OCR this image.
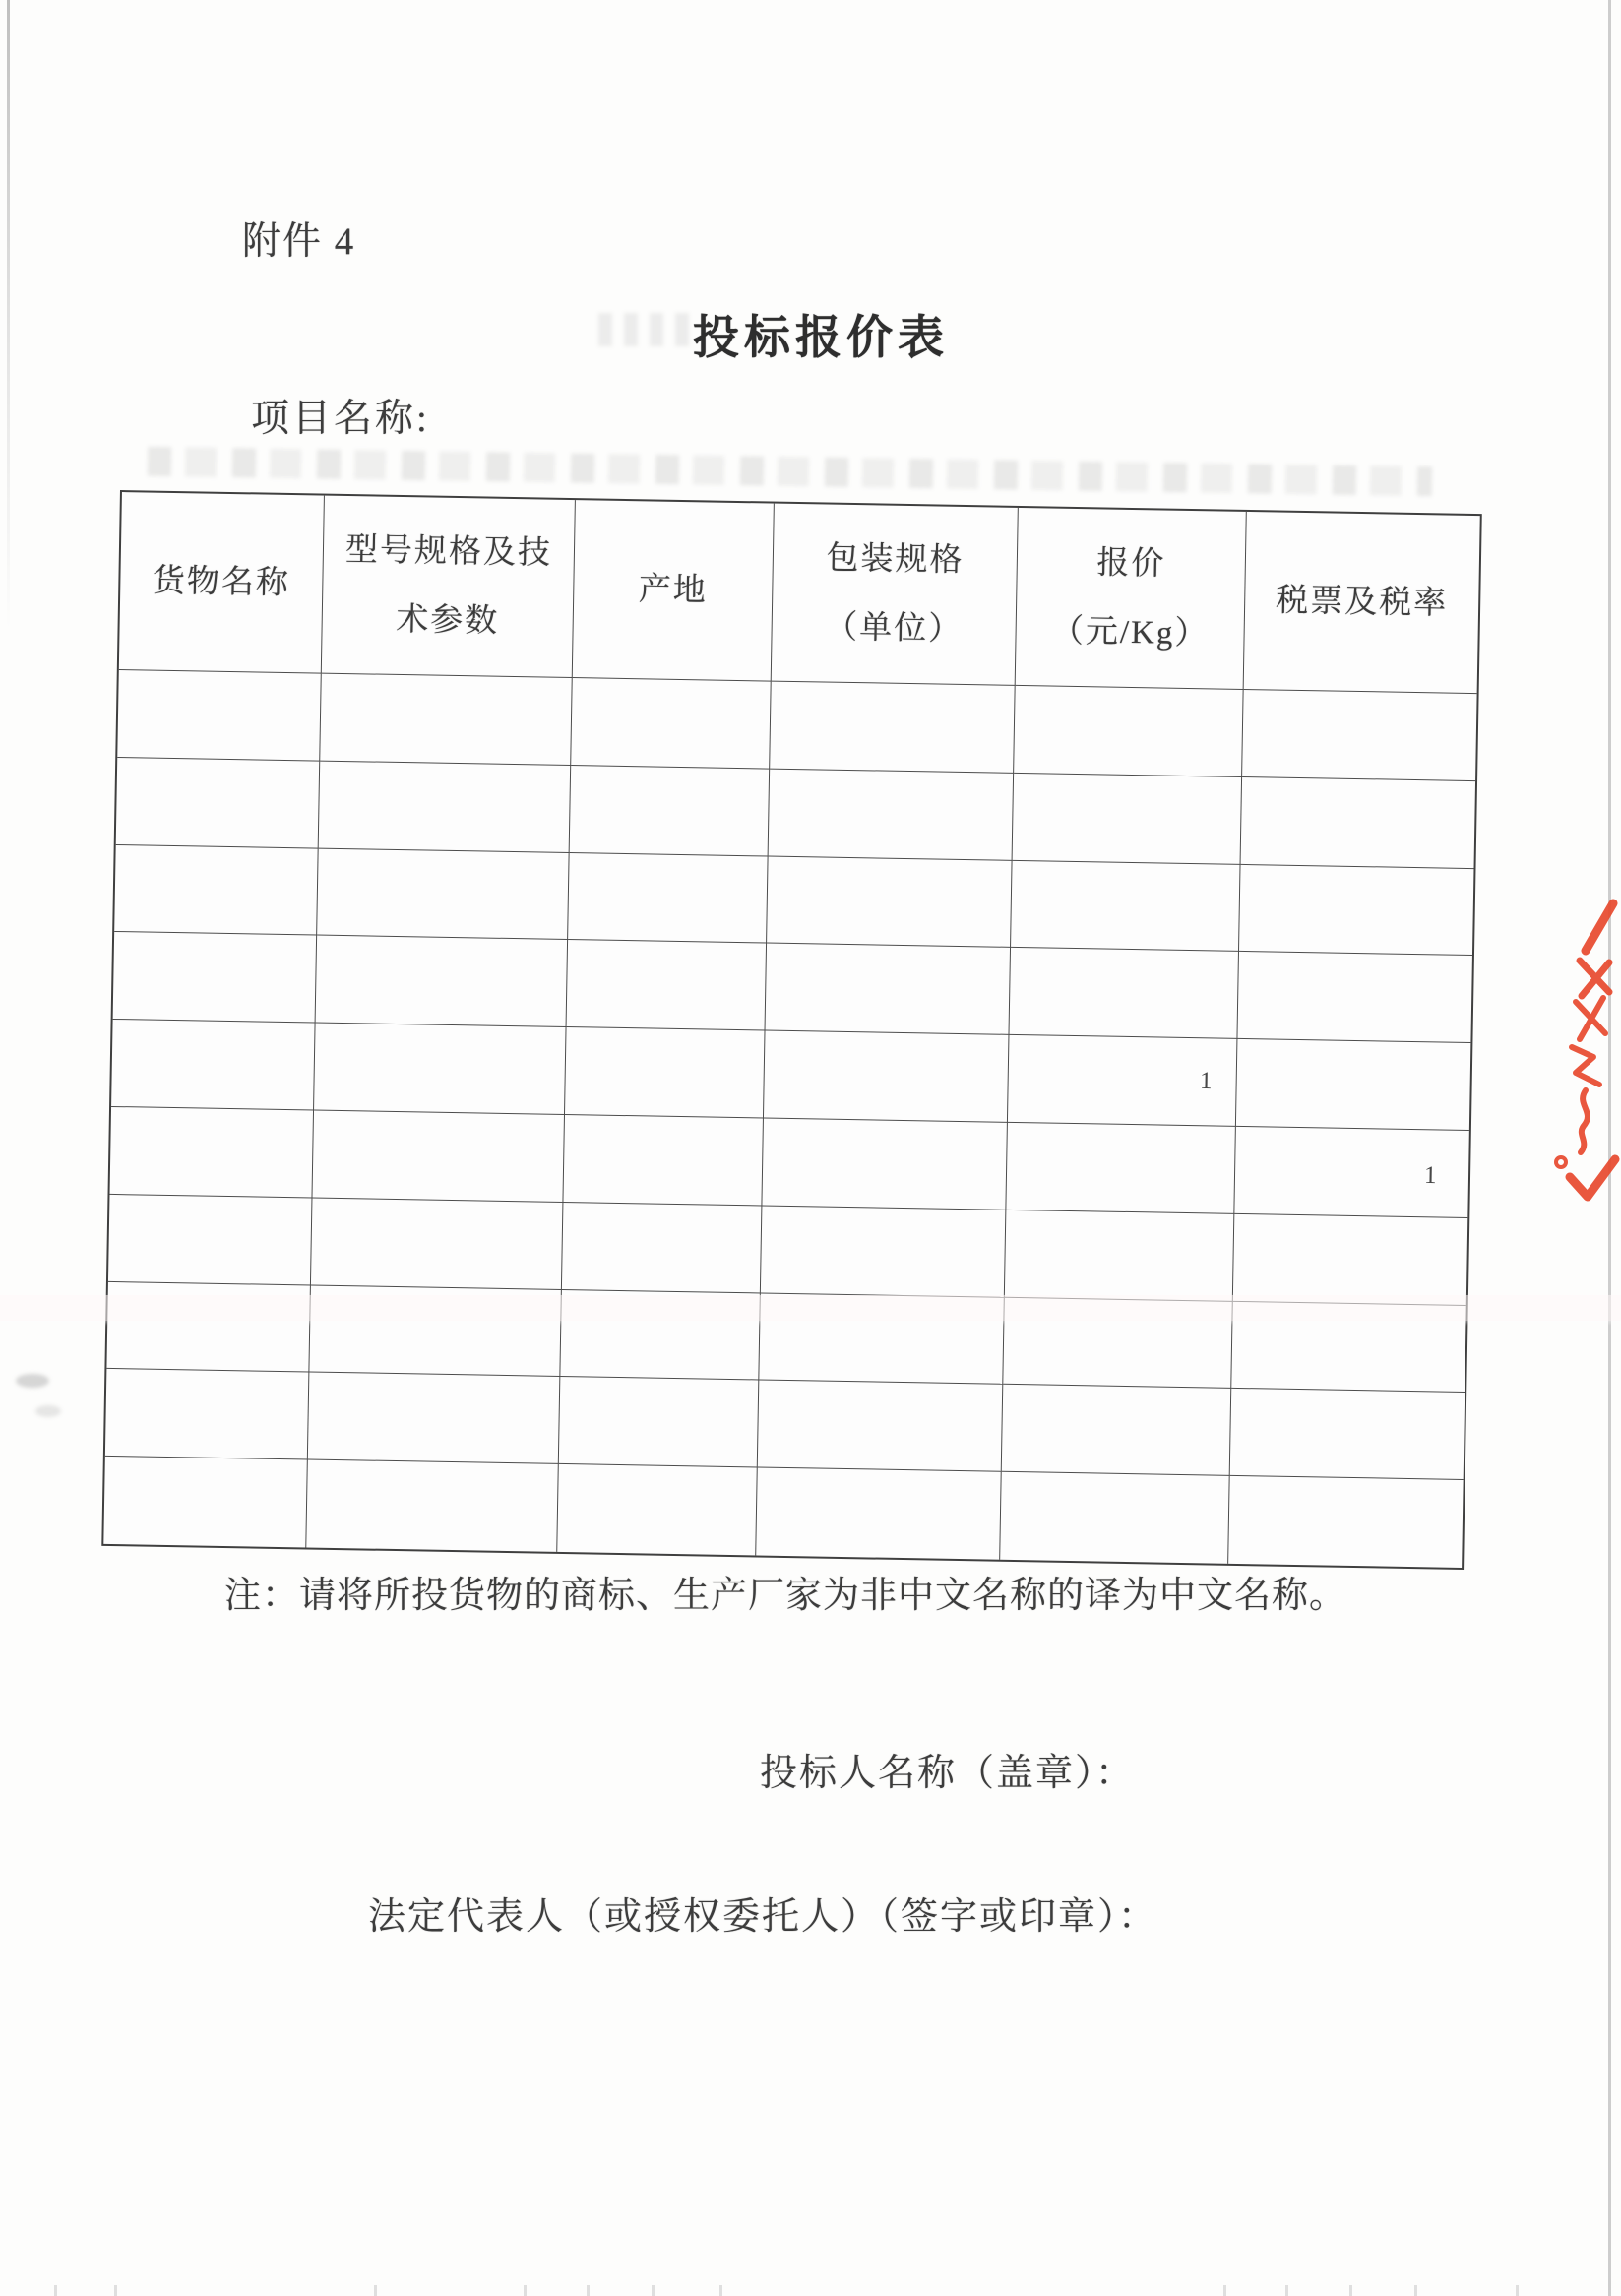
附件 4
投标报价表
项目名称:
货物名称
型号规格及技
术参数
产地
包装规格
（单位）
报价
（元/Kg）
税票及税率
1
1
注：请将所投货物的商标、生产厂家为非中文名称的译为中文名称。
投标人名称（盖章）：
法定代表人（或授权委托人）（签字或印章）：
